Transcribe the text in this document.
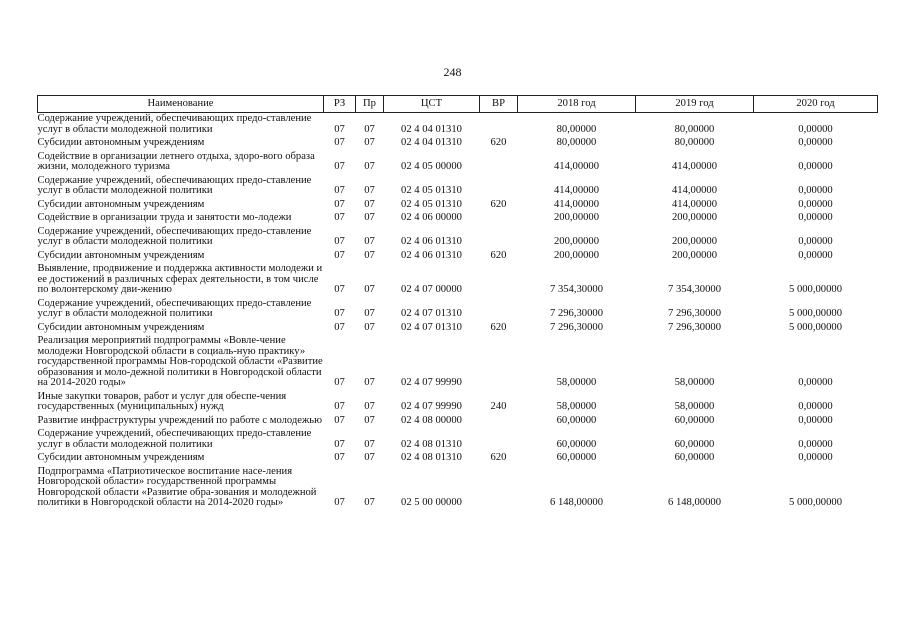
248
Наименование	РЗ	Пр	ЦСТ	ВР	2018 год	2019 год	2020 год
Содержание учреждений, обеспечивающих предо-ставление услуг в области молодежной политики	07	07	02 4 04 01310		80,00000	80,00000	0,00000
Субсидии автономным учреждениям	07	07	02 4 04 01310	620	80,00000	80,00000	0,00000
Содействие в организации летнего отдыха, здоро-вого образа жизни, молодежного туризма	07	07	02 4 05 00000		414,00000	414,00000	0,00000
Содержание учреждений, обеспечивающих предо-ставление услуг в области молодежной политики	07	07	02 4 05 01310		414,00000	414,00000	0,00000
Субсидии автономным учреждениям	07	07	02 4 05 01310	620	414,00000	414,00000	0,00000
Содействие в организации труда и занятости мо-лодежи	07	07	02 4 06 00000		200,00000	200,00000	0,00000
Содержание учреждений, обеспечивающих предо-ставление услуг в области молодежной политики	07	07	02 4 06 01310		200,00000	200,00000	0,00000
Субсидии автономным учреждениям	07	07	02 4 06 01310	620	200,00000	200,00000	0,00000
Выявление, продвижение и поддержка активности молодежи и ее достижений в различных сферах деятельности, в том числе по волонтерскому дви-жению	07	07	02 4 07 00000		7 354,30000	7 354,30000	5 000,00000
Содержание учреждений, обеспечивающих предо-ставление услуг в области молодежной политики	07	07	02 4 07 01310		7 296,30000	7 296,30000	5 000,00000
Субсидии автономным учреждениям	07	07	02 4 07 01310	620	7 296,30000	7 296,30000	5 000,00000
Реализация мероприятий подпрограммы «Вовле-чение молодежи Новгородской области в социаль-ную практику» государственной программы Нов-городской области «Развитие образования и моло-дежной политики в Новгородской области на 2014-2020 годы»	07	07	02 4 07 99990		58,00000	58,00000	0,00000
Иные закупки товаров, работ и услуг для обеспе-чения государственных (муниципальных) нужд	07	07	02 4 07 99990	240	58,00000	58,00000	0,00000
Развитие инфраструктуры учреждений по работе с молодежью	07	07	02 4 08 00000		60,00000	60,00000	0,00000
Содержание учреждений, обеспечивающих предо-ставление услуг в области молодежной политики	07	07	02 4 08 01310		60,00000	60,00000	0,00000
Субсидии автономным учреждениям	07	07	02 4 08 01310	620	60,00000	60,00000	0,00000
Подпрограмма «Патриотическое воспитание насе-ления Новгородской области» государственной программы Новгородской области «Развитие обра-зования и молодежной политики в Новгородской области на 2014-2020 годы»	07	07	02 5 00 00000		6 148,00000	6 148,00000	5 000,00000
